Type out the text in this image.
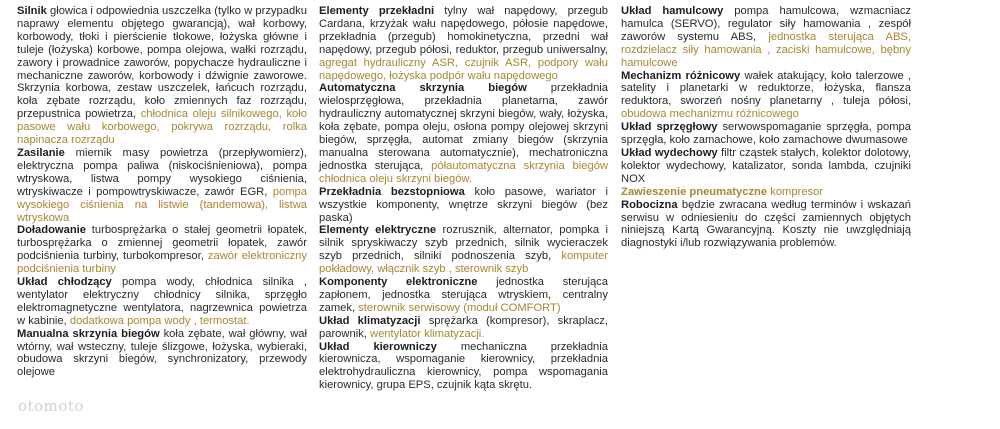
Silnik głowica i odpowiednia uszczelka (tylko w przypadku naprawy elementu objętego gwarancją), wał korbowy, korbowody, tłoki i pierścienie tłokowe, łożyska główne i tuleje (łożyska) korbowe, pompa olejowa, wałki rozrządu, zawory i prowadnice zaworów, popychacze hydrauliczne i mechaniczne zaworów, korbowody i dźwignie zaworowe. Skrzynia korbowa, zestaw uszczelek, łańcuch rozrządu, koła zębate rozrządu, koło zmiennych faz rozrządu, przepustnica powietrza, chłodnica oleju silnikowego, koło pasowe wału korbowego, pokrywa rozrządu, rolka napinacza rozrządu

Zasilanie miernik masy powietrza (przepływomierz), elektryczna pompa paliwa (niskociśnieniowa), pompa wtryskowa, listwa pompy wysokiego ciśnienia, wtryskiwacze i pompowtryskiwacze, zawór EGR, pompa wysokiego ciśnienia na listwie (tandemowa), listwa wtryskowa

Doładowanie turbosprężarka o stałej geometrii łopatek, turbosprężarka o zmiennej geometrii łopatek, zawór podciśnienia turbiny, turbokompresor, zawór elektroniczny podciśnienia turbiny

Układ chłodzący pompa wody, chłodnica silnika , wentylator elektryczny chłodnicy silnika, sprzęgło elektromagnetyczne wentylatora, nagrzewnica powietrza w kabinie, dodatkowa pompa wody , termostat.

Manualna skrzynia biegów koła zębate, wał główny, wał wtórny, wał wsteczny, tuleje ślizgowe, łożyska, wybieraki, obudowa skrzyni biegów, synchronizatory, przewody olejowe

otomoto

Elementy przekładni tylny wał napędowy, przegub Cardana, krzyżak wału napędowego, półosie napędowe, przekładnia (przegub) homokinetyczna, przedni wał napędowy, przegub półosi, reduktor, przegub uniwersalny, agregat hydrauliczny ASR, czujnik ASR, podpory wału napędowego, łożyska podpór wału napędowego

Automatyczna skrzynia biegów przekładnia wielosprzęgłowa, przekładnia planetarna, zawór hydrauliczny automatycznej skrzyni biegów, wały, łożyska, koła zębate, pompa oleju, osłona pompy olejowej skrzyni biegów, sprzęgła, automat zmiany biegów (skrzynia manualna sterowana automatycznie), mechatroniczna jednostka sterująca, półautomatyczna skrzynia biegów chłodnica oleju skrzyni biegów.

Przekładnia bezstopniowa koło pasowe, wariator i wszystkie komponenty, wnętrze skrzyni biegów (bez paska)

Elementy elektryczne rozrusznik, alternator, pompka i silnik spryskiwaczy szyb przednich, silnik wycieraczek szyb przednich, silniki podnoszenia szyb, komputer pokładowy, włącznik szyb , sterownik szyb

Komponenty elektroniczne jednostka sterująca zapłonem, jednostka sterująca wtryskiem, centralny zamek, sterownik serwisowy (moduł COMFORT)

Układ klimatyzacji sprężarka (kompresor), skraplacz, parownik, wentylator klimatyzacji.

Układ kierowniczy mechaniczna przekładnia kierownicza, wspomaganie kierownicy, przekładnia elektrohydrauliczna kierownicy, pompa wspomagania kierownicy, grupa EPS, czujnik kąta skrętu.

Układ hamulcowy pompa hamulcowa, wzmacniacz hamulca (SERVO), regulator siły hamowania , zespół zaworów systemu ABS, jednostka sterująca ABS, rozdzielacz siły hamowania , zaciski hamulcowe, bębny hamulcowe

Mechanizm różnicowy wałek atakujący, koło talerzowe , satelity i planetarki w reduktorze, łożyska, flansza reduktora, sworzeń nośny planetarny , tuleja półosi, obudowa mechanizmu różnicowego

Układ sprzęgłowy serwowspomaganie sprzęgła, pompa sprzęgła, koło zamachowe, koło zamachowe dwumasowe

Układ wydechowy filtr cząstek stałych, kolektor dolotowy, kolektor wydechowy, katalizator, sonda lambda, czujniki NOX

Zawieszenie pneumatyczne kompresor

Robocizna będzie zwracana według terminów i wskazań serwisu w odniesieniu do części zamiennych objętych niniejszą Kartą Gwarancyjną. Koszty nie uwzględniają diagnostyki i/lub rozwiązywania problemów.
